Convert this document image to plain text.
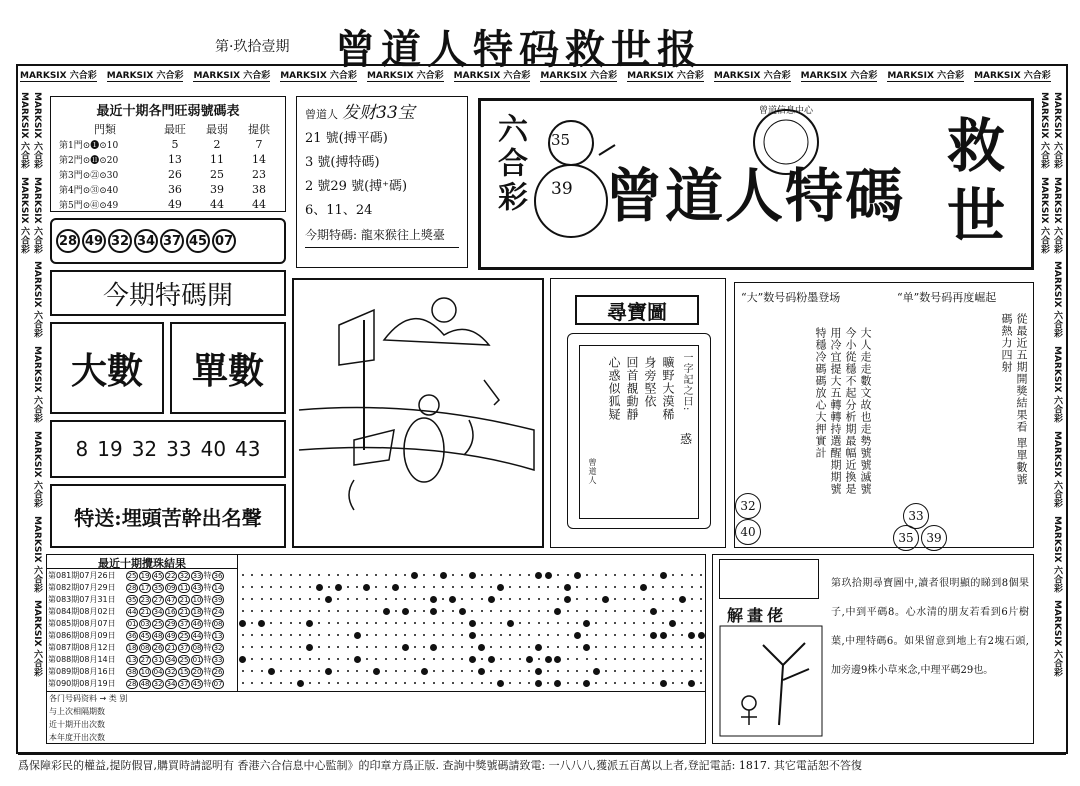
第·玖拾壹期 曾道人特码救世报
MARKSIX 六合彩 MARKSIX 六合彩 MARKSIX 六合彩 MARKSIX 六合彩 MARKSIX 六合彩 MARKSIX 六合彩 MARKSIX 六合彩 MARKSIX 六合彩 MARKSIX 六合彩 MARKSIX 六合彩 MARKSIX 六合彩 MARKSIX 六合彩
MARKSIX 六合彩MARKSIX 六合彩MARKSIX 六合彩MARKSIX 六合彩MARKSIX 六合彩MARKSIX 六合彩MARKSIX 六合彩MARKSIX 六合彩MARKSIX 六合彩
MARKSIX 六合彩MARKSIX 六合彩MARKSIX 六合彩MARKSIX 六合彩MARKSIX 六合彩MARKSIX 六合彩MARKSIX 六合彩MARKSIX 六合彩MARKSIX 六合彩
最近十期各門旺弱號碼表
門類	最旺	最弱	提供
第1門⊙❶⊙10	5	2	7
第2門⊙⓫⊙20	13	11	14
第3門⊙㉑⊙30	26	25	23
第4門⊙㉛⊙40	36	39	38
第5門⊙㊶⊙49	49	44	44
28 49 32 34 37 45 07
曾道人 发财33宝
21 號(搏平碼)
3 號(搏特碼)
2 號29 號(搏⁺碼)
6、11、24
今期特碼: 龍來猴往上獎臺
六合彩 35
39
曾道信息中心
曾道人特碼
救世
今期特碼開
大數	單數
8 19 32 33 40 43
特送: 埋頭苦幹出名聲
尋寶圖
一字記之曰:
曠野大漠稀
身旁堅依
回首覩動靜
心惑似狐疑
惑
曾道人
“大”数号码粉墨登场	“单”数号码再度崛起
大人走走數文故也走勢號號滅號今小從穩不起分析期最幅近換是用冷宜提大五轉轉持選醒期期號特穩冷碼碼放心大押實計
從最近五期開獎結果看 單單數號碼熱力四射
32
40
33
35	39
最近十期攪珠結果
第081期07月26日	25 19 45 22 32 33 特 36
第082期07月29日	28 17 35 09 11 43 特 14
第083期07月31日	35 23 27 47 21 10 特 39
第084期08月02日	44 21 34 16 21 18 特 24
第085期08月07日	01 03 25 29 37 46 特 08
第086期08月09日	36 45 48 49 25 44 特 13
第087期08月12日	18 08 26 21 37 08 特 32
第088期08月14日	13 27 31 34 25 01 特 33
第089期08月16日	38 10 04 32 15 20 特 26
第090期08月19日	28 48 32 34 37 45 特 07
各门号码资料 → 类 别
与上次相隔期数
近十期开出次数
本年度开出次数
解畫佬
第玖拾期尋寶圖中,讀者很明顯的睇到8個果子,中到平碼8。心水清的朋友若看到6片樹葉,中理特碼6。如果留意到地上有2塊石頭,加旁邊9株小草來念,中理平碼29也。
爲保障彩民的權益,提防假冒,購買時請認明有 香港六合信息中心監制》的印章方爲正版. 查詢中獎號碼請致電: 一八八八,獲派五百萬以上者,登記電話: 1817. 其它電話恕不答復
